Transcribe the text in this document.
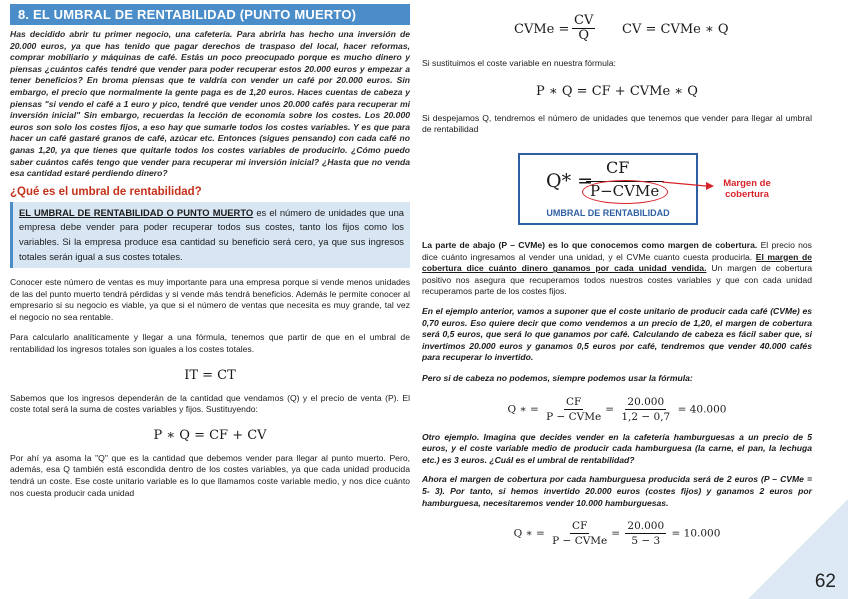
8. EL UMBRAL DE RENTABILIDAD (PUNTO MUERTO)

Has decidido abrir tu primer negocio, una cafetería. Para abrirla has hecho una inversión de 20.000 euros, ya que has tenido que pagar derechos de traspaso del local, hacer reformas, comprar mobiliario y máquinas de café. Estás un poco preocupado porque es mucho dinero y piensas ¿cuántos cafés tendré que vender para poder recuperar estos 20.000 euros y empezar a tener beneficios? En broma piensas que te valdría con vender un café por 20.000 euros. Sin embargo, el precio que normalmente la gente paga es de 1,20 euros. Haces cuentas de cabeza y piensas "si vendo el café a 1 euro y pico, tendré que vender unos 20.000 cafés para recuperar mi inversión inicial" Sin embargo, recuerdas la lección de economía sobre los costes. Los 20.000 euros son solo los costes fijos, a eso hay que sumarle todos los costes variables. Y es que para hacer un café gastaré granos de café, azúcar etc. Entonces (sigues pensando) con cada café no ganas 1,20, ya que tienes que quitarle todos los costes variables de producirlo. ¿Cómo puedo saber cuántos cafés tengo que vender para recuperar mi inversión inicial? ¿Hasta que no venda esa cantidad estaré perdiendo dinero?

¿Qué es el umbral de rentabilidad?
EL UMBRAL DE RENTABILIDAD O PUNTO MUERTO es el número de unidades que una empresa debe vender para poder recuperar todos sus costes, tanto los fijos como los variables. Si la empresa produce esa cantidad su beneficio será cero, ya que sus ingresos totales serán igual a sus costes totales.

Conocer este número de ventas es muy importante para una empresa porque si vende menos unidades de las del punto muerto tendrá pérdidas y si vende más tendrá beneficios. Además le permite conocer al empresario si su negocio es viable, ya que si el número de ventas que necesita es muy grande, tal vez el negocio no sea rentable.

Para calcularlo analíticamente y llegar a una fórmula, tenemos que partir de que en el umbral de rentabilidad los ingresos totales son iguales a los costes totales.

IT = CT

Sabemos que los ingresos dependerán de la cantidad que vendamos (Q) y el precio de venta (P). El coste total será la suma de costes variables y fijos. Sustituyendo:

P ∗ Q = CF + CV

Por ahí ya asoma la "Q" que es la cantidad que debemos vender para llegar al punto muerto. Pero, además, esa Q también está escondida dentro de los costes variables, ya que cada unidad producida tendrá un coste. Ese coste unitario variable es lo que llamamos coste variable medio, y nos dice cuánto nos cuesta producir cada unidad

CVMe = $\frac{CV}{Q}$ CV = CVMe ∗ Q

Si sustituimos el coste variable en nuestra fórmula:

P ∗ Q = CF + CVMe ∗ Q

Si despejamos Q, tendremos el número de unidades que tenemos que vender para llegar al umbral de rentabilidad

Q* =
CF
P−CVMe
UMBRAL DE RENTABILIDAD
Margen de cobertura

La parte de abajo (P – CVMe) es lo que conocemos como margen de cobertura. El precio nos dice cuánto ingresamos al vender una unidad, y el CVMe cuanto cuesta producirla. El margen de cobertura dice cuánto dinero ganamos por cada unidad vendida. Un margen de cobertura positivo nos asegura que recuperamos todos nuestros costes variables y que con cada unidad recuperamos parte de los costes fijos.

En el ejemplo anterior, vamos a suponer que el coste unitario de producir cada café (CVMe) es 0,70 euros. Eso quiere decir que como vendemos a un precio de 1,20, el margen de cobertura será 0,5 euros, que será lo que ganamos por café. Calculando de cabeza es fácil saber que, si invertimos 20.000 euros y ganamos 0,5 euros por café, tendremos que vender 40.000 cafés para recuperar lo invertido.

Pero si de cabeza no podemos, siempre podemos usar la fórmula:

Q ∗ = $\frac{CF}{\text{P − CVMe}} = \frac{20.000}{1,2 - 0,7} = 40.000$

Otro ejemplo. Imagina que decides vender en la cafetería hamburguesas a un precio de 5 euros, y el coste variable medio de producir cada hamburguesa (la carne, el pan, la lechuga etc.) es 3 euros. ¿Cuál es el umbral de rentabilidad?

Ahora el margen de cobertura por cada hamburguesa producida será de 2 euros (P – CVMe = 5- 3). Por tanto, si hemos invertido 20.000 euros (costes fijos) y ganamos 2 euros por hamburguesa, necesitaremos vender 10.000 hamburguesas.

Q ∗ = $\frac{CF}{\text{P − CVMe}} = \frac{20.000}{5 - 3} = 10.000$
62
